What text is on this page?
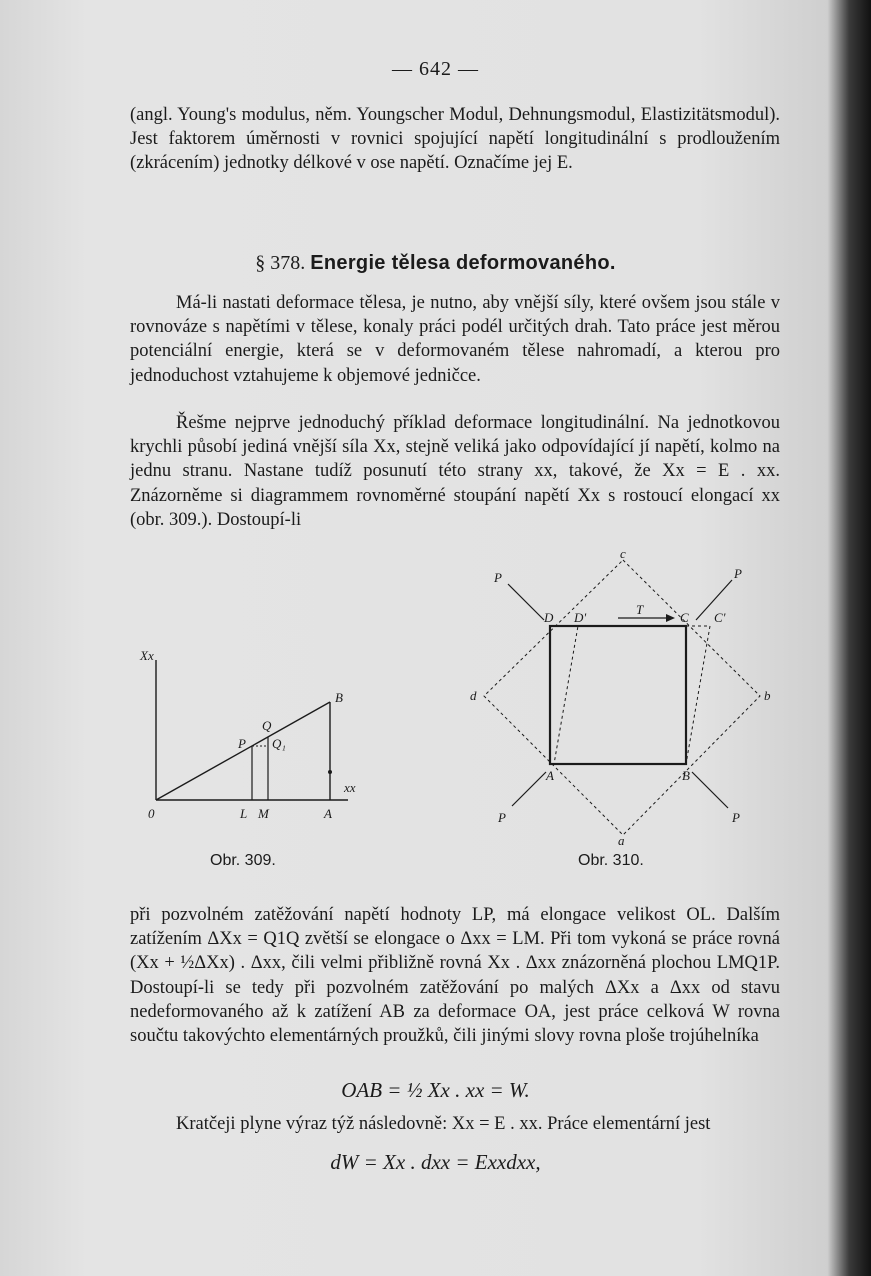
— 642 —

(angl. Young's modulus, něm. Youngscher Modul, Dehnungsmodul, Elastizitätsmodul). Jest faktorem úměrnosti v rovnici spojující napětí longitudinální s prodloužením (zkrácením) jednotky délkové v ose napětí. Označíme jej E.

§ 378. Energie tělesa deformovaného.

Má-li nastati deformace tělesa, je nutno, aby vnější síly, které ovšem jsou stále v rovnováze s napětími v tělese, konaly práci podél určitých drah. Tato práce jest měrou potenciální energie, která se v deformovaném tělese nahromadí, a kterou pro jednoduchost vztahujeme k objemové jedničce.

Řešme nejprve jednoduchý příklad deformace longitudinální. Na jednotkovou krychli působí jediná vnější síla Xx, stejně veliká jako odpovídající jí napětí, kolmo na jednu stranu. Nastane tudíž posunutí této strany xx, takové, že Xx = E . xx. Znázorněme si diagrammem rovnoměrné stoupání napětí Xx s rostoucí elongací xx (obr. 309.). Dostoupí-li

Xx
0	L M	A
B
P
Q
Q₁
xx
c
P	P
D D'
T
C C'
d	b
A	B
P	P
a
Obr. 309.	Obr. 310.

při pozvolném zatěžování napětí hodnoty LP, má elongace velikost OL. Dalším zatížením ΔXx = Q1Q zvětší se elongace o Δxx = LM. Při tom vykoná se práce rovná (Xx + ½ΔXx) . Δxx, čili velmi přibližně rovná Xx . Δxx znázorněná plochou LMQ1P. Dostoupí-li se tedy při pozvolném zatěžování po malých ΔXx a Δxx od stavu nedeformovaného až k zatížení AB za deformace OA, jest práce celková W rovna součtu takovýchto elementárných proužků, čili jinými slovy rovna ploše trojúhelníka

OAB = ½ Xx . xx = W.

Kratčeji plyne výraz týž následovně: Xx = E . xx. Práce elementární jest

dW = Xx . dxx = Exxdxx,
